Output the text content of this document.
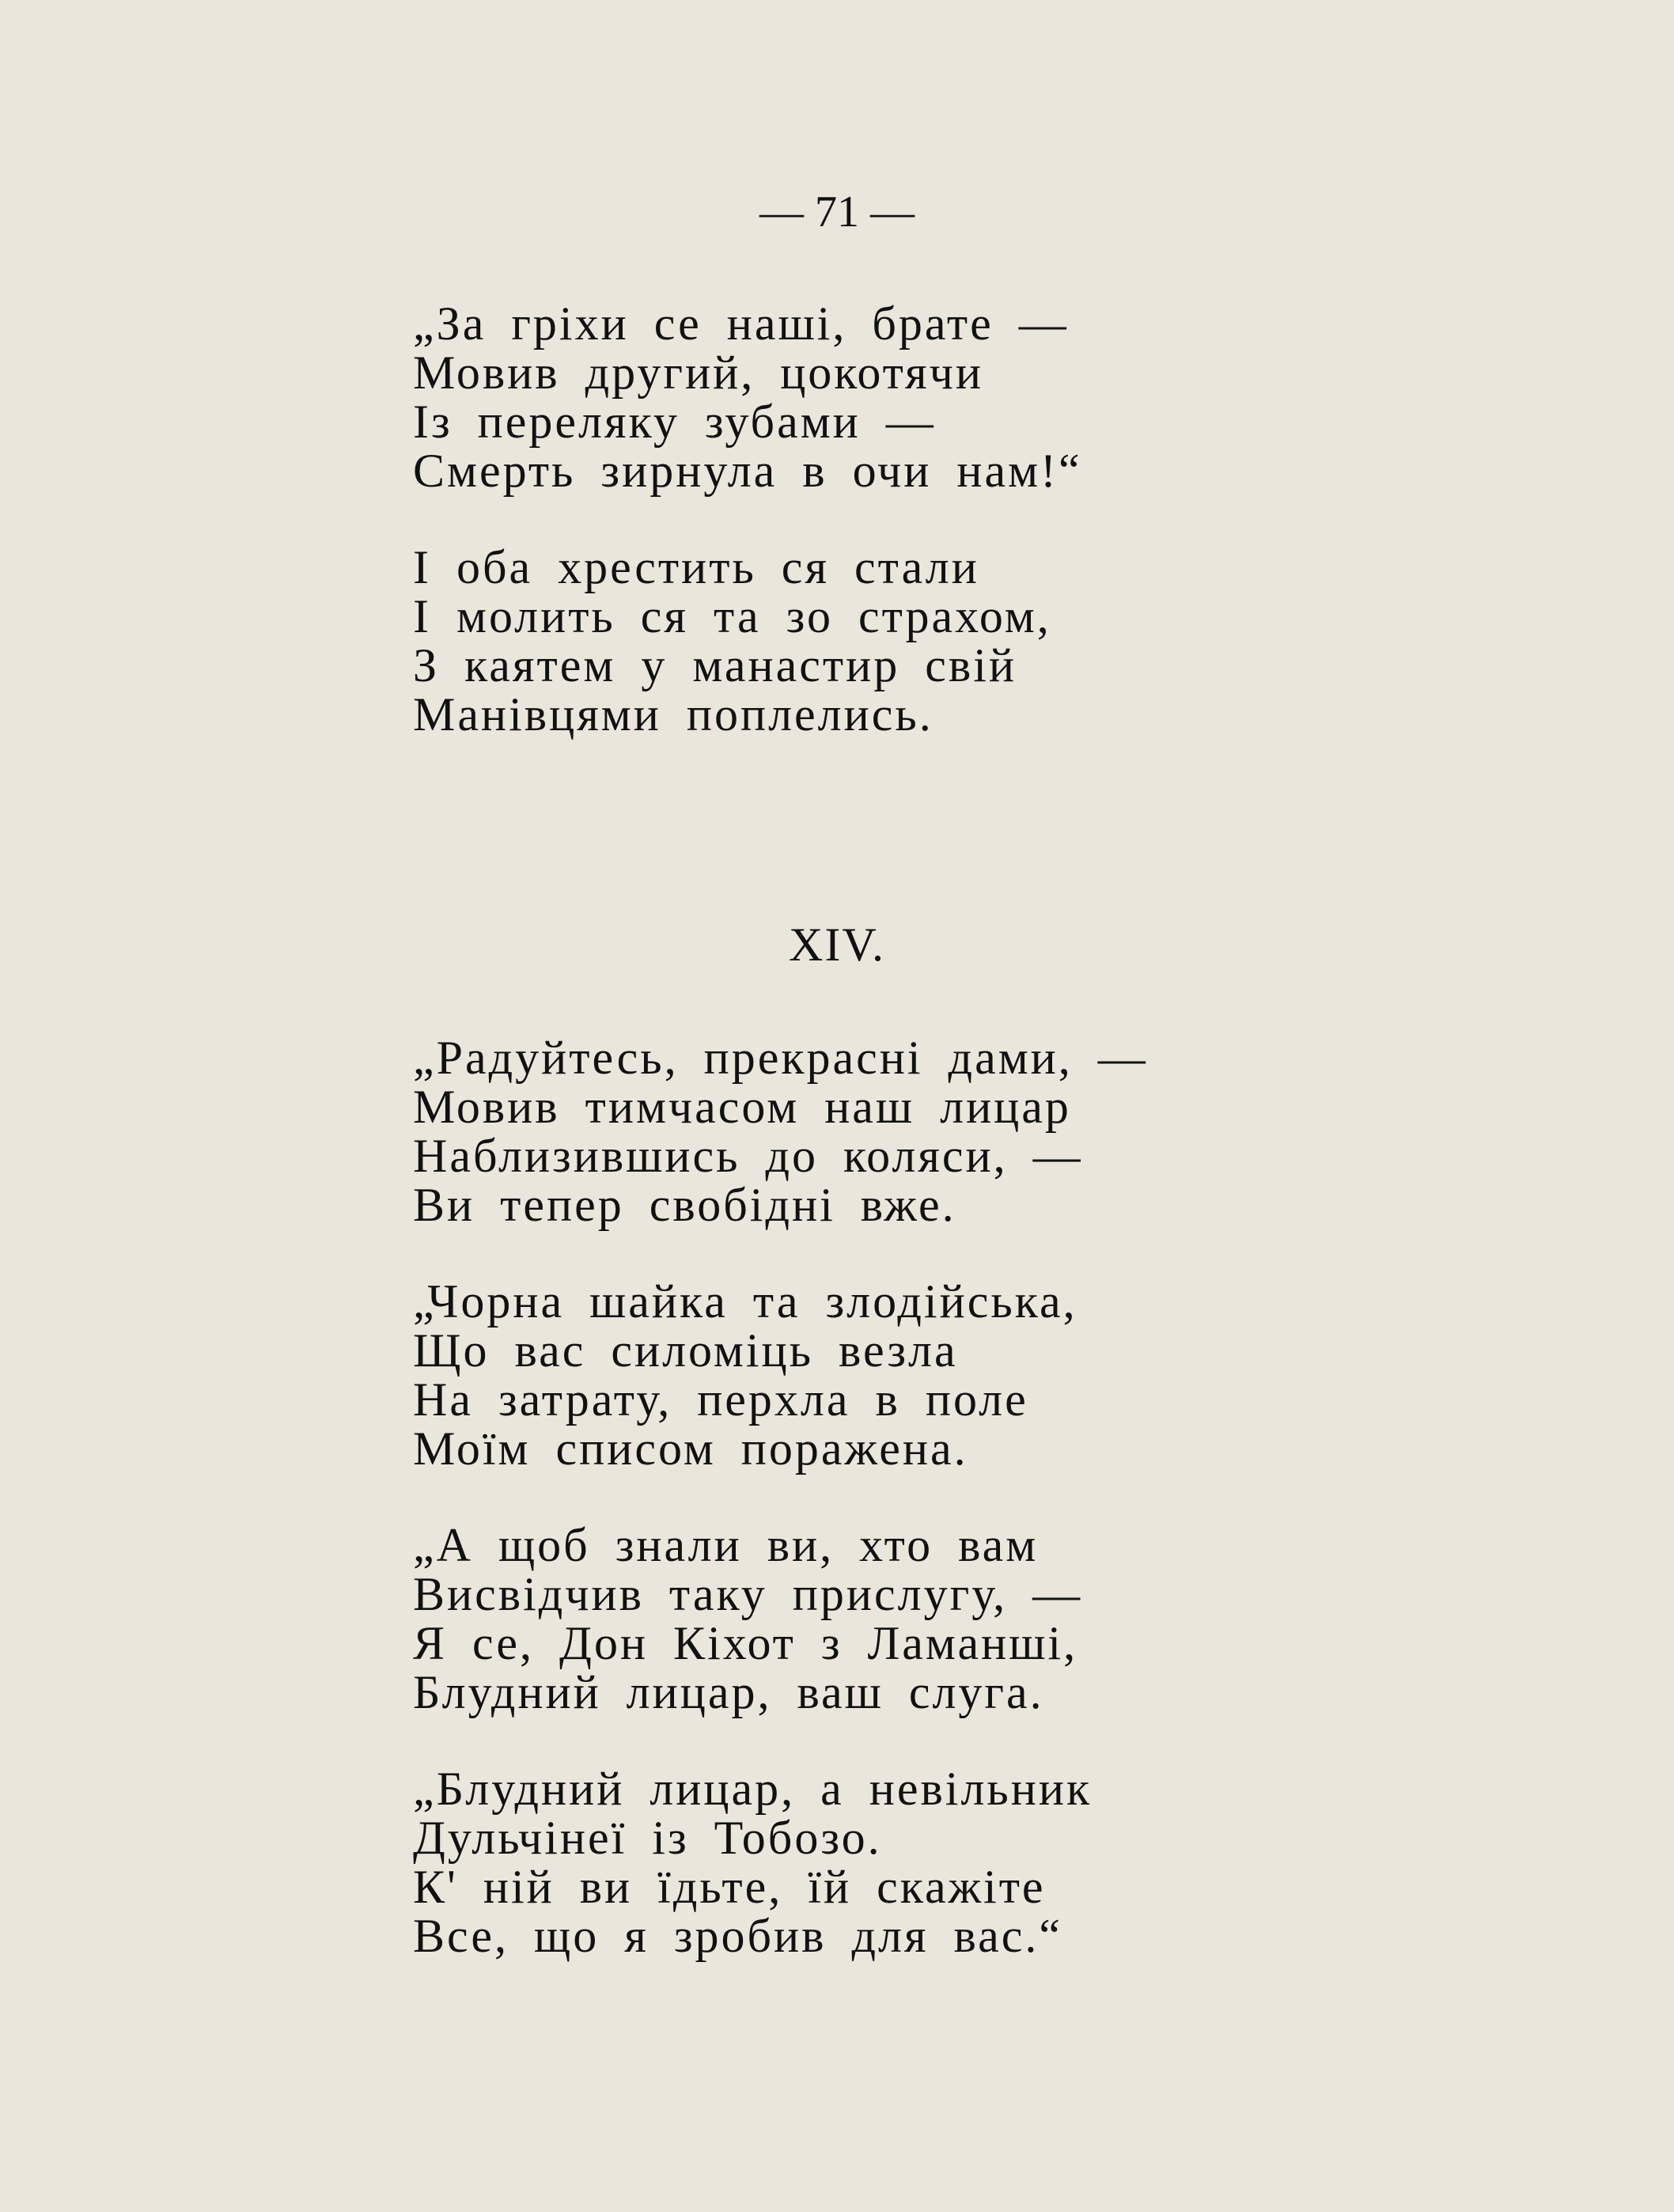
— 71 —
„За гріхи се наші, брате —
Мовив другий, цокотячи
Із переляку зубами —
Смерть зирнула в очи нам!“
І оба хрестить ся стали
І молить ся та зо страхом,
З каятем у манастир свій
Манівцями поплелись.
XIV.
„Радуйтесь, прекрасні дами, —
Мовив тимчасом наш лицар
Наблизившись до коляси, —
Ви тепер свобідні вже.
„Чорна шайка та злодійська,
Що вас силоміць везла
На затрату, перхла в поле
Моїм списом поражена.
„А щоб знали ви, хто вам
Висвідчив таку прислугу, —
Я се, Дон Кіхот з Ламанші,
Блудний лицар, ваш слуга.
„Блудний лицар, а невільник
Дульчінеї із Тобозо.
К' ній ви їдьте, їй скажіте
Все, що я зробив для вас.“
